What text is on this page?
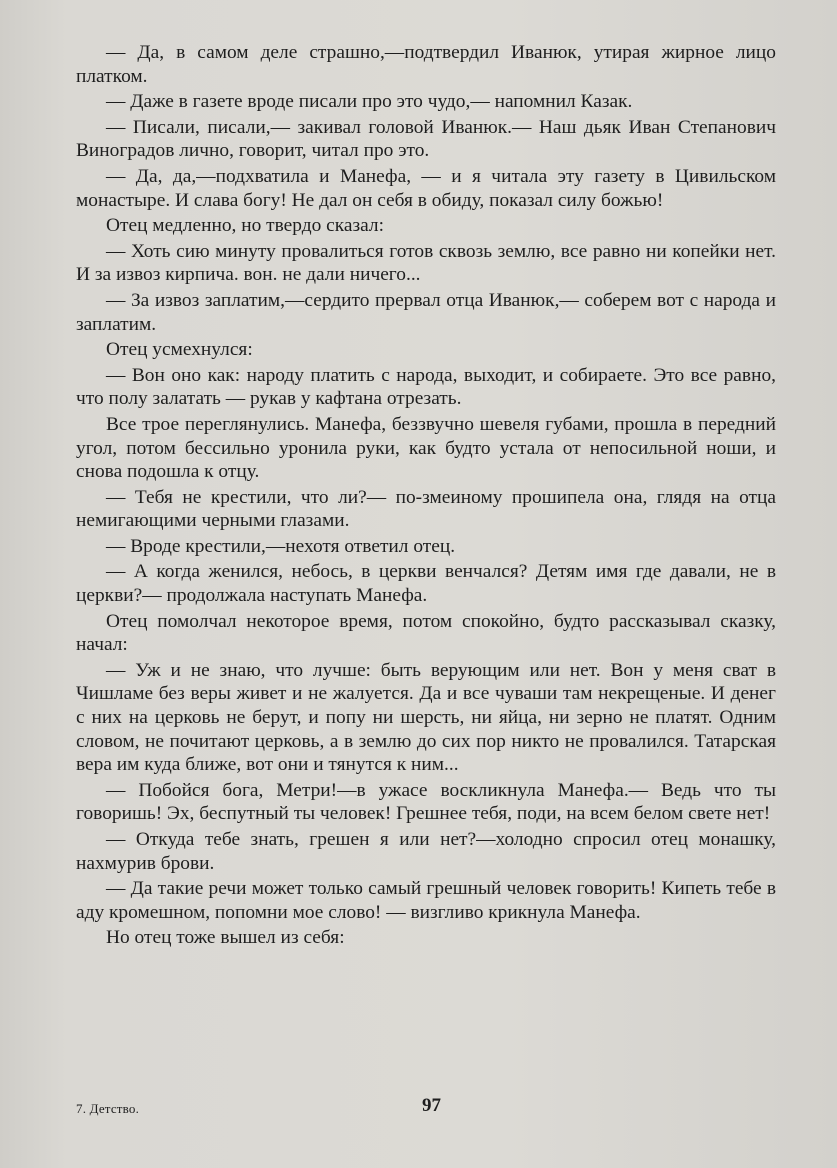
— Да, в самом деле страшно,—подтвердил Иванюк, утирая жирное лицо платком.

— Даже в газете вроде писали про это чудо,— напомнил Казак.

— Писали, писали,— закивал головой Иванюк.— Наш дьяк Иван Степанович Виноградов лично, говорит, читал про это.

— Да, да,—подхватила и Манефа, — и я читала эту газету в Цивильском монастыре. И слава богу! Не дал он себя в обиду, показал силу божью!

Отец медленно, но твердо сказал:

— Хоть сию минуту провалиться готов сквозь землю, все равно ни копейки нет. И за извоз кирпича. вон. не дали ничего...

— За извоз заплатим,—сердито прервал отца Иванюк,— соберем вот с народа и заплатим.

Отец усмехнулся:

— Вон оно как: народу платить с народа, выходит, и собираете. Это все равно, что полу залатать — рукав у кафтана отрезать.

Все трое переглянулись. Манефа, беззвучно шевеля губами, прошла в передний угол, потом бессильно уронила руки, как будто устала от непосильной ноши, и снова подошла к отцу.

— Тебя не крестили, что ли?— по-змеиному прошипела она, глядя на отца немигающими черными глазами.

— Вроде крестили,—нехотя ответил отец.

— А когда женился, небось, в церкви венчался? Детям имя где давали, не в церкви?— продолжала наступать Манефа.

Отец помолчал некоторое время, потом спокойно, будто рассказывал сказку, начал:

— Уж и не знаю, что лучше: быть верующим или нет. Вон у меня сват в Чишламе без веры живет и не жалуется. Да и все чуваши там некрещеные. И денег с них на церковь не берут, и попу ни шерсть, ни яйца, ни зерно не платят. Одним словом, не почитают церковь, а в землю до сих пор никто не провалился. Татарская вера им куда ближе, вот они и тянутся к ним...

— Побойся бога, Метри!—в ужасе воскликнула Манефа.— Ведь что ты говоришь! Эх, беспутный ты человек! Грешнее тебя, поди, на всем белом свете нет!

— Откуда тебе знать, грешен я или нет?—холодно спросил отец монашку, нахмурив брови.

— Да такие речи может только самый грешный человек говорить! Кипеть тебе в аду кромешном, попомни мое слово! — визгливо крикнула Манефа.

Но отец тоже вышел из себя:

7. Детство.	97
